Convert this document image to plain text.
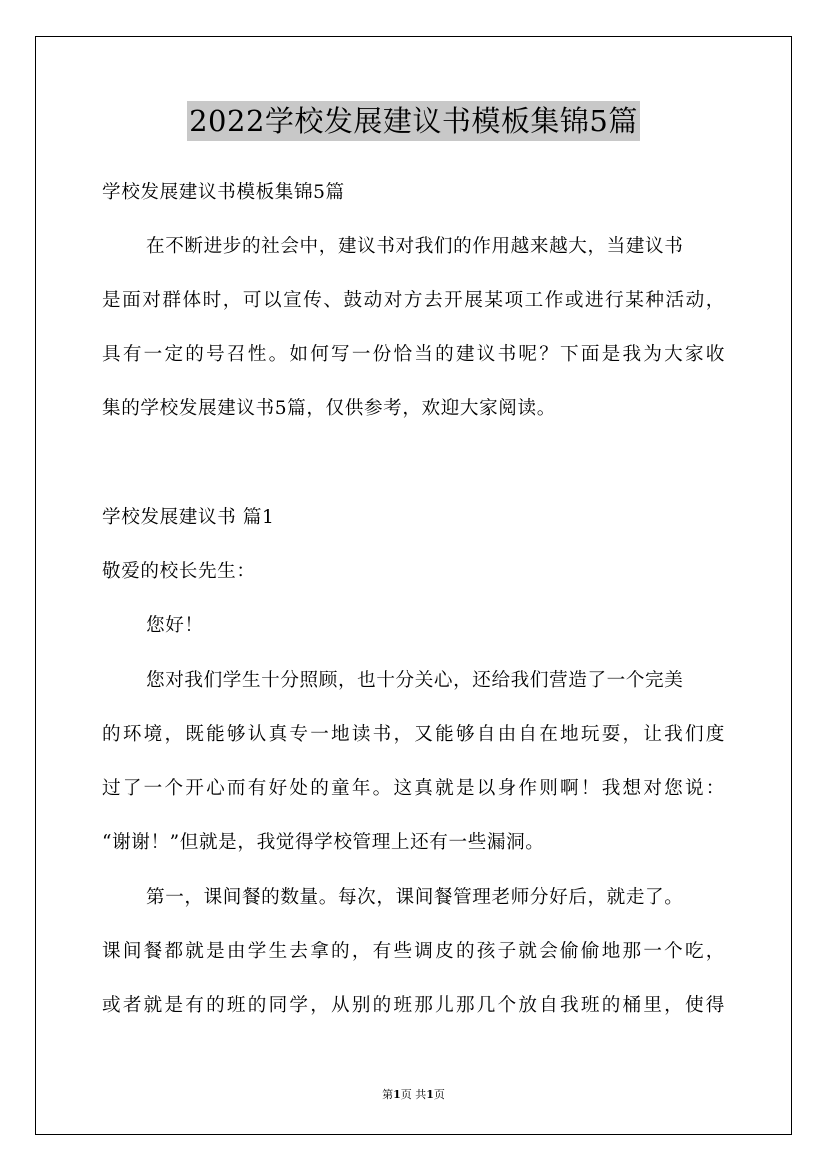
2022学校发展建议书模板集锦5篇
学校发展建议书模板集锦5篇
在不断进步的社会中，建议书对我们的作用越来越大，当建议书
是面对群体时，可以宣传、鼓动对方去开展某项工作或进行某种活动，
具有一定的号召性。如何写一份恰当的建议书呢？下面是我为大家收
集的学校发展建议书5篇，仅供参考，欢迎大家阅读。
学校发展建议书 篇1
敬爱的校长先生：
您好！
您对我们学生十分照顾，也十分关心，还给我们营造了一个完美
的环境，既能够认真专一地读书，又能够自由自在地玩耍，让我们度
过了一个开心而有好处的童年。这真就是以身作则啊！我想对您说：
“谢谢！”但就是，我觉得学校管理上还有一些漏洞。
第一，课间餐的数量。每次，课间餐管理老师分好后，就走了。
课间餐都就是由学生去拿的，有些调皮的孩子就会偷偷地那一个吃，
或者就是有的班的同学，从别的班那儿那几个放自我班的桶里，使得
第1页 共1页
